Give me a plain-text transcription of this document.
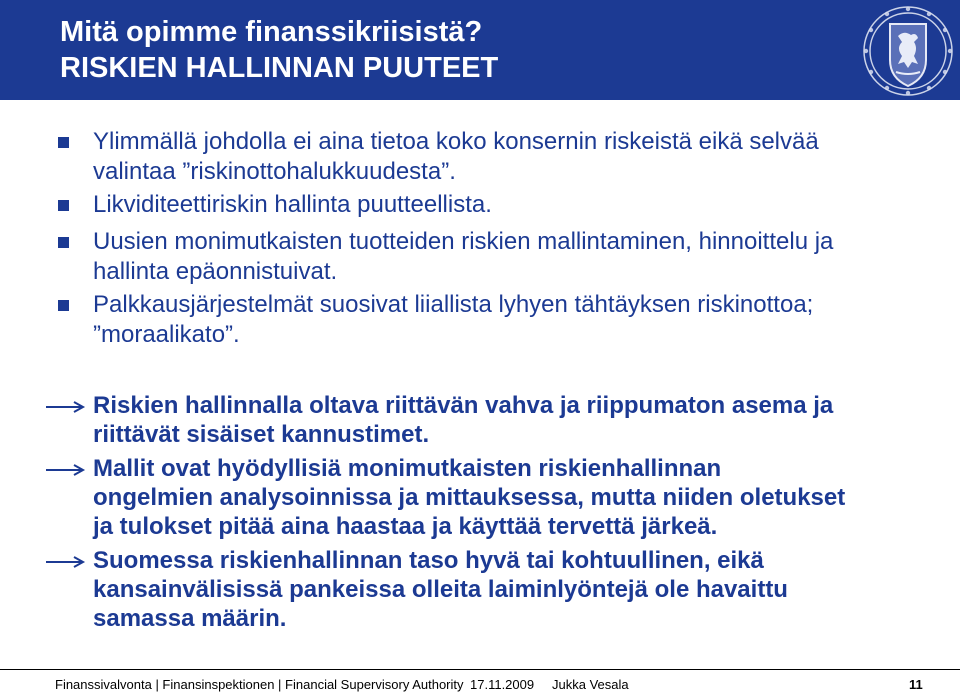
Mitä opimme finanssikriisistä?
RISKIEN HALLINNAN PUUTEET
Ylimmällä johdolla ei aina tietoa koko konsernin riskeistä eikä selvää
valintaa ”riskinottohalukkuudesta”.
Likviditeettiriskin hallinta puutteellista.
Uusien monimutkaisten tuotteiden riskien mallintaminen, hinnoittelu ja
hallinta epäonnistuivat.
Palkkausjärjestelmät suosivat liiallista lyhyen tähtäyksen riskinottoa;
”moraalikato”.
Riskien hallinnalla oltava riittävän vahva ja riippumaton asema ja
riittävät sisäiset kannustimet.
Mallit ovat hyödyllisiä monimutkaisten riskienhallinnan
ongelmien analysoinnissa ja mittauksessa, mutta niiden oletukset
ja tulokset pitää aina haastaa ja käyttää tervettä järkeä.
Suomessa riskienhallinnan taso hyvä tai kohtuullinen, eikä
kansainvälisissä pankeissa olleita laiminlyöntejä ole havaittu
samassa määrin.
Finanssivalvonta | Finansinspektionen | Financial Supervisory Authority 17.11.2009 Jukka Vesala	11
